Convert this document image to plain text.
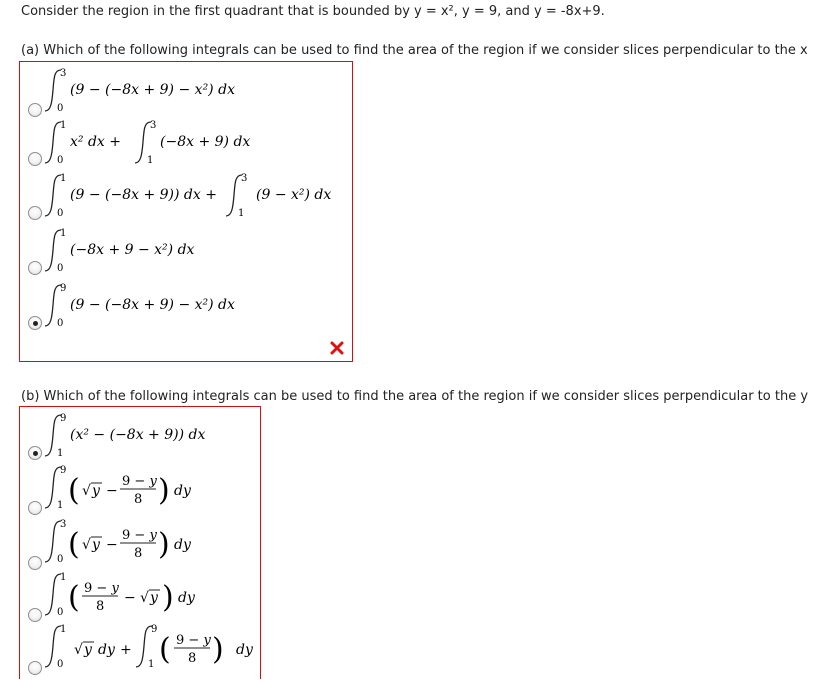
Consider the region in the first quadrant that is bounded by y = x², y = 9, and y = -8x+9.
(a) Which of the following integrals can be used to find the area of the region if we consider slices perpendicular to the x
3
0
(9 − (−8x + 9) − x²) dx
1
0
x² dx +
3
1
(−8x + 9) dx
1
0
(9 − (−8x + 9)) dx +
3
1
(9 − x²) dx
1
0
(−8x + 9 − x²) dx
9
0
(9 − (−8x + 9) − x²) dx
(b) Which of the following integrals can be used to find the area of the region if we consider slices perpendicular to the y
9
1
(x² − (−8x + 9)) dx
9
1 ( √ y −
9 − y
8 ) dy
3
0 ( √ y −
9 − y
8 ) dy
1
0 ( 9 − y
8
− √ y ) dy
1
0
√ y dy +
9
1 ( 9 − y
8 ) dy
